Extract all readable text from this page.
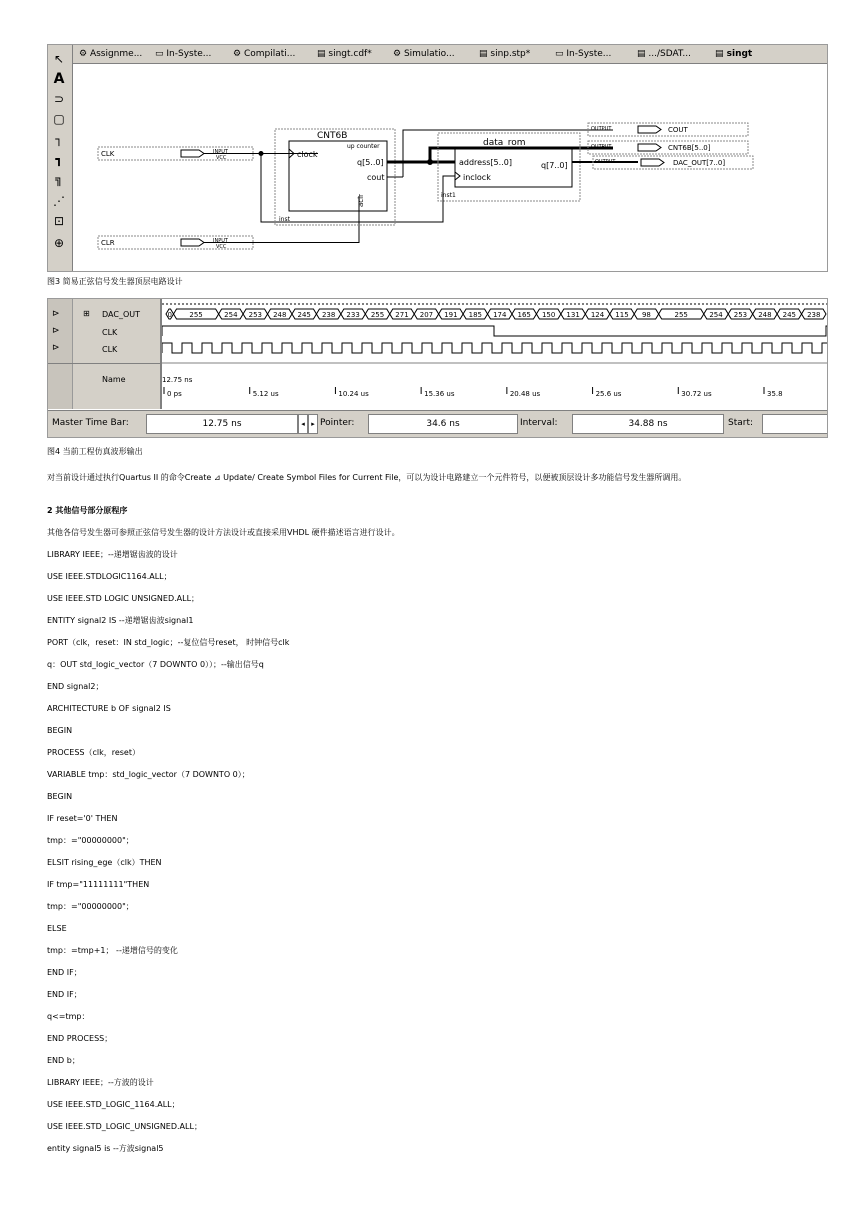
↖
A
⊃
▢
┐
┓
╗
⋰
⊡
⊕
⚙ Assignme... ▭ In-Syste... ⚙ Compilati... ▤ singt.cdf* ⚙ Simulatio...	▤ sinp.stp*	▭ In-Syste...	▤ .../SDAT...	▤ singt
CLK	INPUT
VCC
CLR	INPUT
VCC
CNT6B
up counter
clock
q[5..0]
cout
inst
aclr
data_rom
address[5..0]
inclock
q[7..0]
inst1
OUTPUT	COUT
OUTPUT	CNT6B[5..0]
OUTPUT	DAC_OUT[7..0]
图3 简易正弦信号发生器顶层电路设计
⊳
⊳
⊳
⊞ DAC_OUT
CLK
CLK
Name
0 255	254 253 248 245 238 233 255 271 207 191 185 174 165 150 131 124 115 98	255	254 253 248 245 238
12.75 ns
0 ps	5.12 us	10.24 us	15.36 us	20.48 us	25.6 us	30.72 us	35.8
Master Time Bar:	12.75 ns	◂ ▸ Pointer:	34.6 ns	Interval:	34.88 ns	Start:
图4 当前工程仿真波形输出
对当前设计通过执行Quartus II 的命令Create ⊿ Update/ Create Symbol Files for Current File，可以为设计电路建立一个元件符号，以便被顶层设计多功能信号发生器所调用。
2 其他信号部分原程序
其他各信号发生器可参照正弦信号发生器的设计方法设计或直接采用VHDL 硬件描述语言进行设计。
LIBRARY IEEE；--递增锯齿波的设计
USE IEEE.STDLOGIC1164.ALL；
USE IEEE.STD LOGIC UNSIGNED.ALL；
ENTITY signal2 IS --递增锯齿波signal1
PORT（clk，reset：IN std_logic；--复位信号reset， 时钟信号clk
q：OUT std_logic_vector（7 DOWNTO 0））；--输出信号q
END signal2；
ARCHITECTURE b OF signal2 IS
BEGIN
PROCESS（clk，reset）
VARIABLE tmp：std_logic_vector（7 DOWNTO 0）；
BEGIN
IF reset='0' THEN
tmp：="00000000"；
ELSIT rising_ege（clk）THEN
IF tmp="11111111"THEN
tmp：="00000000"；
ELSE
tmp：=tmp+1； --递增信号的变化
END IF；
END IF；
q<=tmp：
END PROCESS；
END b；
LIBRARY IEEE；--方波的设计
USE IEEE.STD_LOGIC_1164.ALL；
USE IEEE.STD_LOGIC_UNSIGNED.ALL；
entity signal5 is --方波signal5
